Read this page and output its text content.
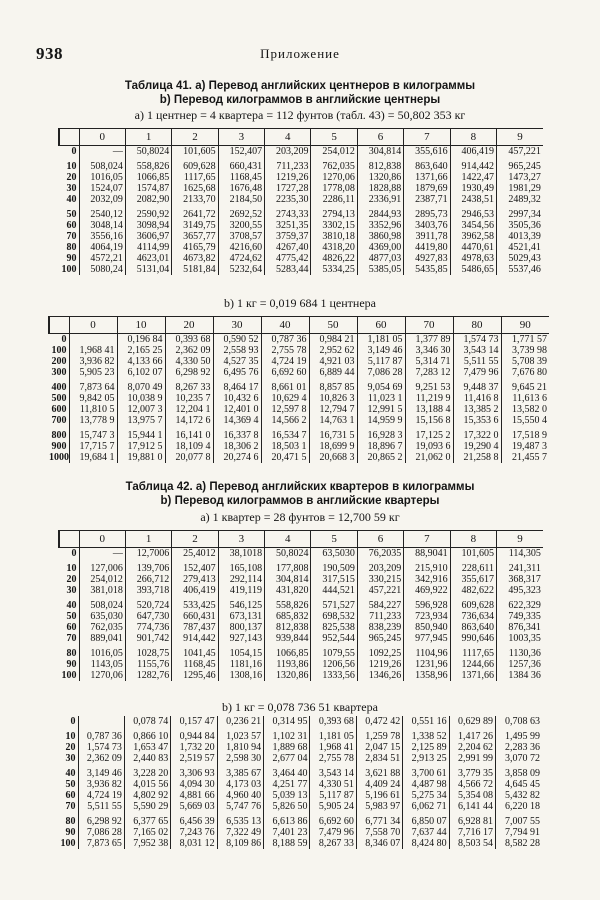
938	Приложение
Таблица 41. a) Перевод английских центнеров в килограммы
b) Перевод килограммов в английские центнеры
a) 1 центнер = 4 квартера = 112 фунтов (табл. 43) = 50,802 353 кг
	0	1	2	3	4	5	6	7	8	9
0	—	50,8024	101,605	152,407	203,209	254,012	304,814	355,616	406,419	457,221
10	508,024	558,826	609,628	660,431	711,233	762,035	812,838	863,640	914,442	965,245
20	1016,05	1066,85	1117,65	1168,45	1219,26	1270,06	1320,86	1371,66	1422,47	1473,27
30	1524,07	1574,87	1625,68	1676,48	1727,28	1778,08	1828,88	1879,69	1930,49	1981,29
40	2032,09	2082,90	2133,70	2184,50	2235,30	2286,11	2336,91	2387,71	2438,51	2489,32
50	2540,12	2590,92	2641,72	2692,52	2743,33	2794,13	2844,93	2895,73	2946,53	2997,34
60	3048,14	3098,94	3149,75	3200,55	3251,35	3302,15	3352,96	3403,76	3454,56	3505,36
70	3556,16	3606,97	3657,77	3708,57	3759,37	3810,18	3860,98	3911,78	3962,58	4013,39
80	4064,19	4114,99	4165,79	4216,60	4267,40	4318,20	4369,00	4419,80	4470,61	4521,41
90	4572,21	4623,01	4673,82	4724,62	4775,42	4826,22	4877,03	4927,83	4978,63	5029,43
100	5080,24	5131,04	5181,84	5232,64	5283,44	5334,25	5385,05	5435,85	5486,65	5537,46
b) 1 кг = 0,019 684 1 центнера
	0	10	20	30	40	50	60	70	80	90
0		0,196 84	0,393 68	0,590 52	0,787 36	0,984 21	1,181 05	1,377 89	1,574 73	1,771 57
100	1,968 41	2,165 25	2,362 09	2,558 93	2,755 78	2,952 62	3,149 46	3,346 30	3,543 14	3,739 98
200	3,936 82	4,133 66	4,330 50	4,527 35	4,724 19	4,921 03	5,117 87	5,314 71	5,511 55	5,708 39
300	5,905 23	6,102 07	6,298 92	6,495 76	6,692 60	6,889 44	7,086 28	7,283 12	7,479 96	7,676 80
400	7,873 64	8,070 49	8,267 33	8,464 17	8,661 01	8,857 85	9,054 69	9,251 53	9,448 37	9,645 21
500	9,842 05	10,038 9	10,235 7	10,432 6	10,629 4	10,826 3	11,023 1	11,219 9	11,416 8	11,613 6
600	11,810 5	12,007 3	12,204 1	12,401 0	12,597 8	12,794 7	12,991 5	13,188 4	13,385 2	13,582 0
700	13,778 9	13,975 7	14,172 6	14,369 4	14,566 2	14,763 1	14,959 9	15,156 8	15,353 6	15,550 4
800	15,747 3	15,944 1	16,141 0	16,337 8	16,534 7	16,731 5	16,928 3	17,125 2	17,322 0	17,518 9
900	17,715 7	17,912 5	18,109 4	18,306 2	18,503 1	18,699 9	18,896 7	19,093 6	19,290 4	19,487 3
1000	19,684 1	19,881 0	20,077 8	20,274 6	20,471 5	20,668 3	20,865 2	21,062 0	21,258 8	21,455 7
Таблица 42. a) Перевод английских квартеров в килограммы
b) Перевод килограммов в английские квартеры
a) 1 квартер = 28 фунтов = 12,700 59 кг
	0	1	2	3	4	5	6	7	8	9
0	—	12,7006	25,4012	38,1018	50,8024	63,5030	76,2035	88,9041	101,605	114,305
10	127,006	139,706	152,407	165,108	177,808	190,509	203,209	215,910	228,611	241,311
20	254,012	266,712	279,413	292,114	304,814	317,515	330,215	342,916	355,617	368,317
30	381,018	393,718	406,419	419,119	431,820	444,521	457,221	469,922	482,622	495,323
40	508,024	520,724	533,425	546,125	558,826	571,527	584,227	596,928	609,628	622,329
50	635,030	647,730	660,431	673,131	685,832	698,532	711,233	723,934	736,634	749,335
60	762,035	774,736	787,437	800,137	812,838	825,538	838,239	850,940	863,640	876,341
70	889,041	901,742	914,442	927,143	939,844	952,544	965,245	977,945	990,646	1003,35
80	1016,05	1028,75	1041,45	1054,15	1066,85	1079,55	1092,25	1104,96	1117,65	1130,36
90	1143,05	1155,76	1168,45	1181,16	1193,86	1206,56	1219,26	1231,96	1244,66	1257,36
100	1270,06	1282,76	1295,46	1308,16	1320,86	1333,56	1346,26	1358,96	1371,66	1384 36
b) 1 кг = 0,078 736 51 квартера
0		0,078 74	0,157 47	0,236 21	0,314 95	0,393 68	0,472 42	0,551 16	0,629 89	0,708 63
10	0,787 36	0,866 10	0,944 84	1,023 57	1,102 31	1,181 05	1,259 78	1,338 52	1,417 26	1,495 99
20	1,574 73	1,653 47	1,732 20	1,810 94	1,889 68	1,968 41	2,047 15	2,125 89	2,204 62	2,283 36
30	2,362 09	2,440 83	2,519 57	2,598 30	2,677 04	2,755 78	2,834 51	2,913 25	2,991 99	3,070 72
40	3,149 46	3,228 20	3,306 93	3,385 67	3,464 40	3,543 14	3,621 88	3,700 61	3,779 35	3,858 09
50	3,936 82	4,015 56	4,094 30	4,173 03	4,251 77	4,330 51	4,409 24	4,487 98	4,566 72	4,645 45
60	4,724 19	4,802 92	4,881 66	4,960 40	5,039 13	5,117 87	5,196 61	5,275 34	5,354 08	5,432 82
70	5,511 55	5,590 29	5,669 03	5,747 76	5,826 50	5,905 24	5,983 97	6,062 71	6,141 44	6,220 18
80	6,298 92	6,377 65	6,456 39	6,535 13	6,613 86	6,692 60	6,771 34	6,850 07	6,928 81	7,007 55
90	7,086 28	7,165 02	7,243 76	7,322 49	7,401 23	7,479 96	7,558 70	7,637 44	7,716 17	7,794 91
100	7,873 65	7,952 38	8,031 12	8,109 86	8,188 59	8,267 33	8,346 07	8,424 80	8,503 54	8,582 28
